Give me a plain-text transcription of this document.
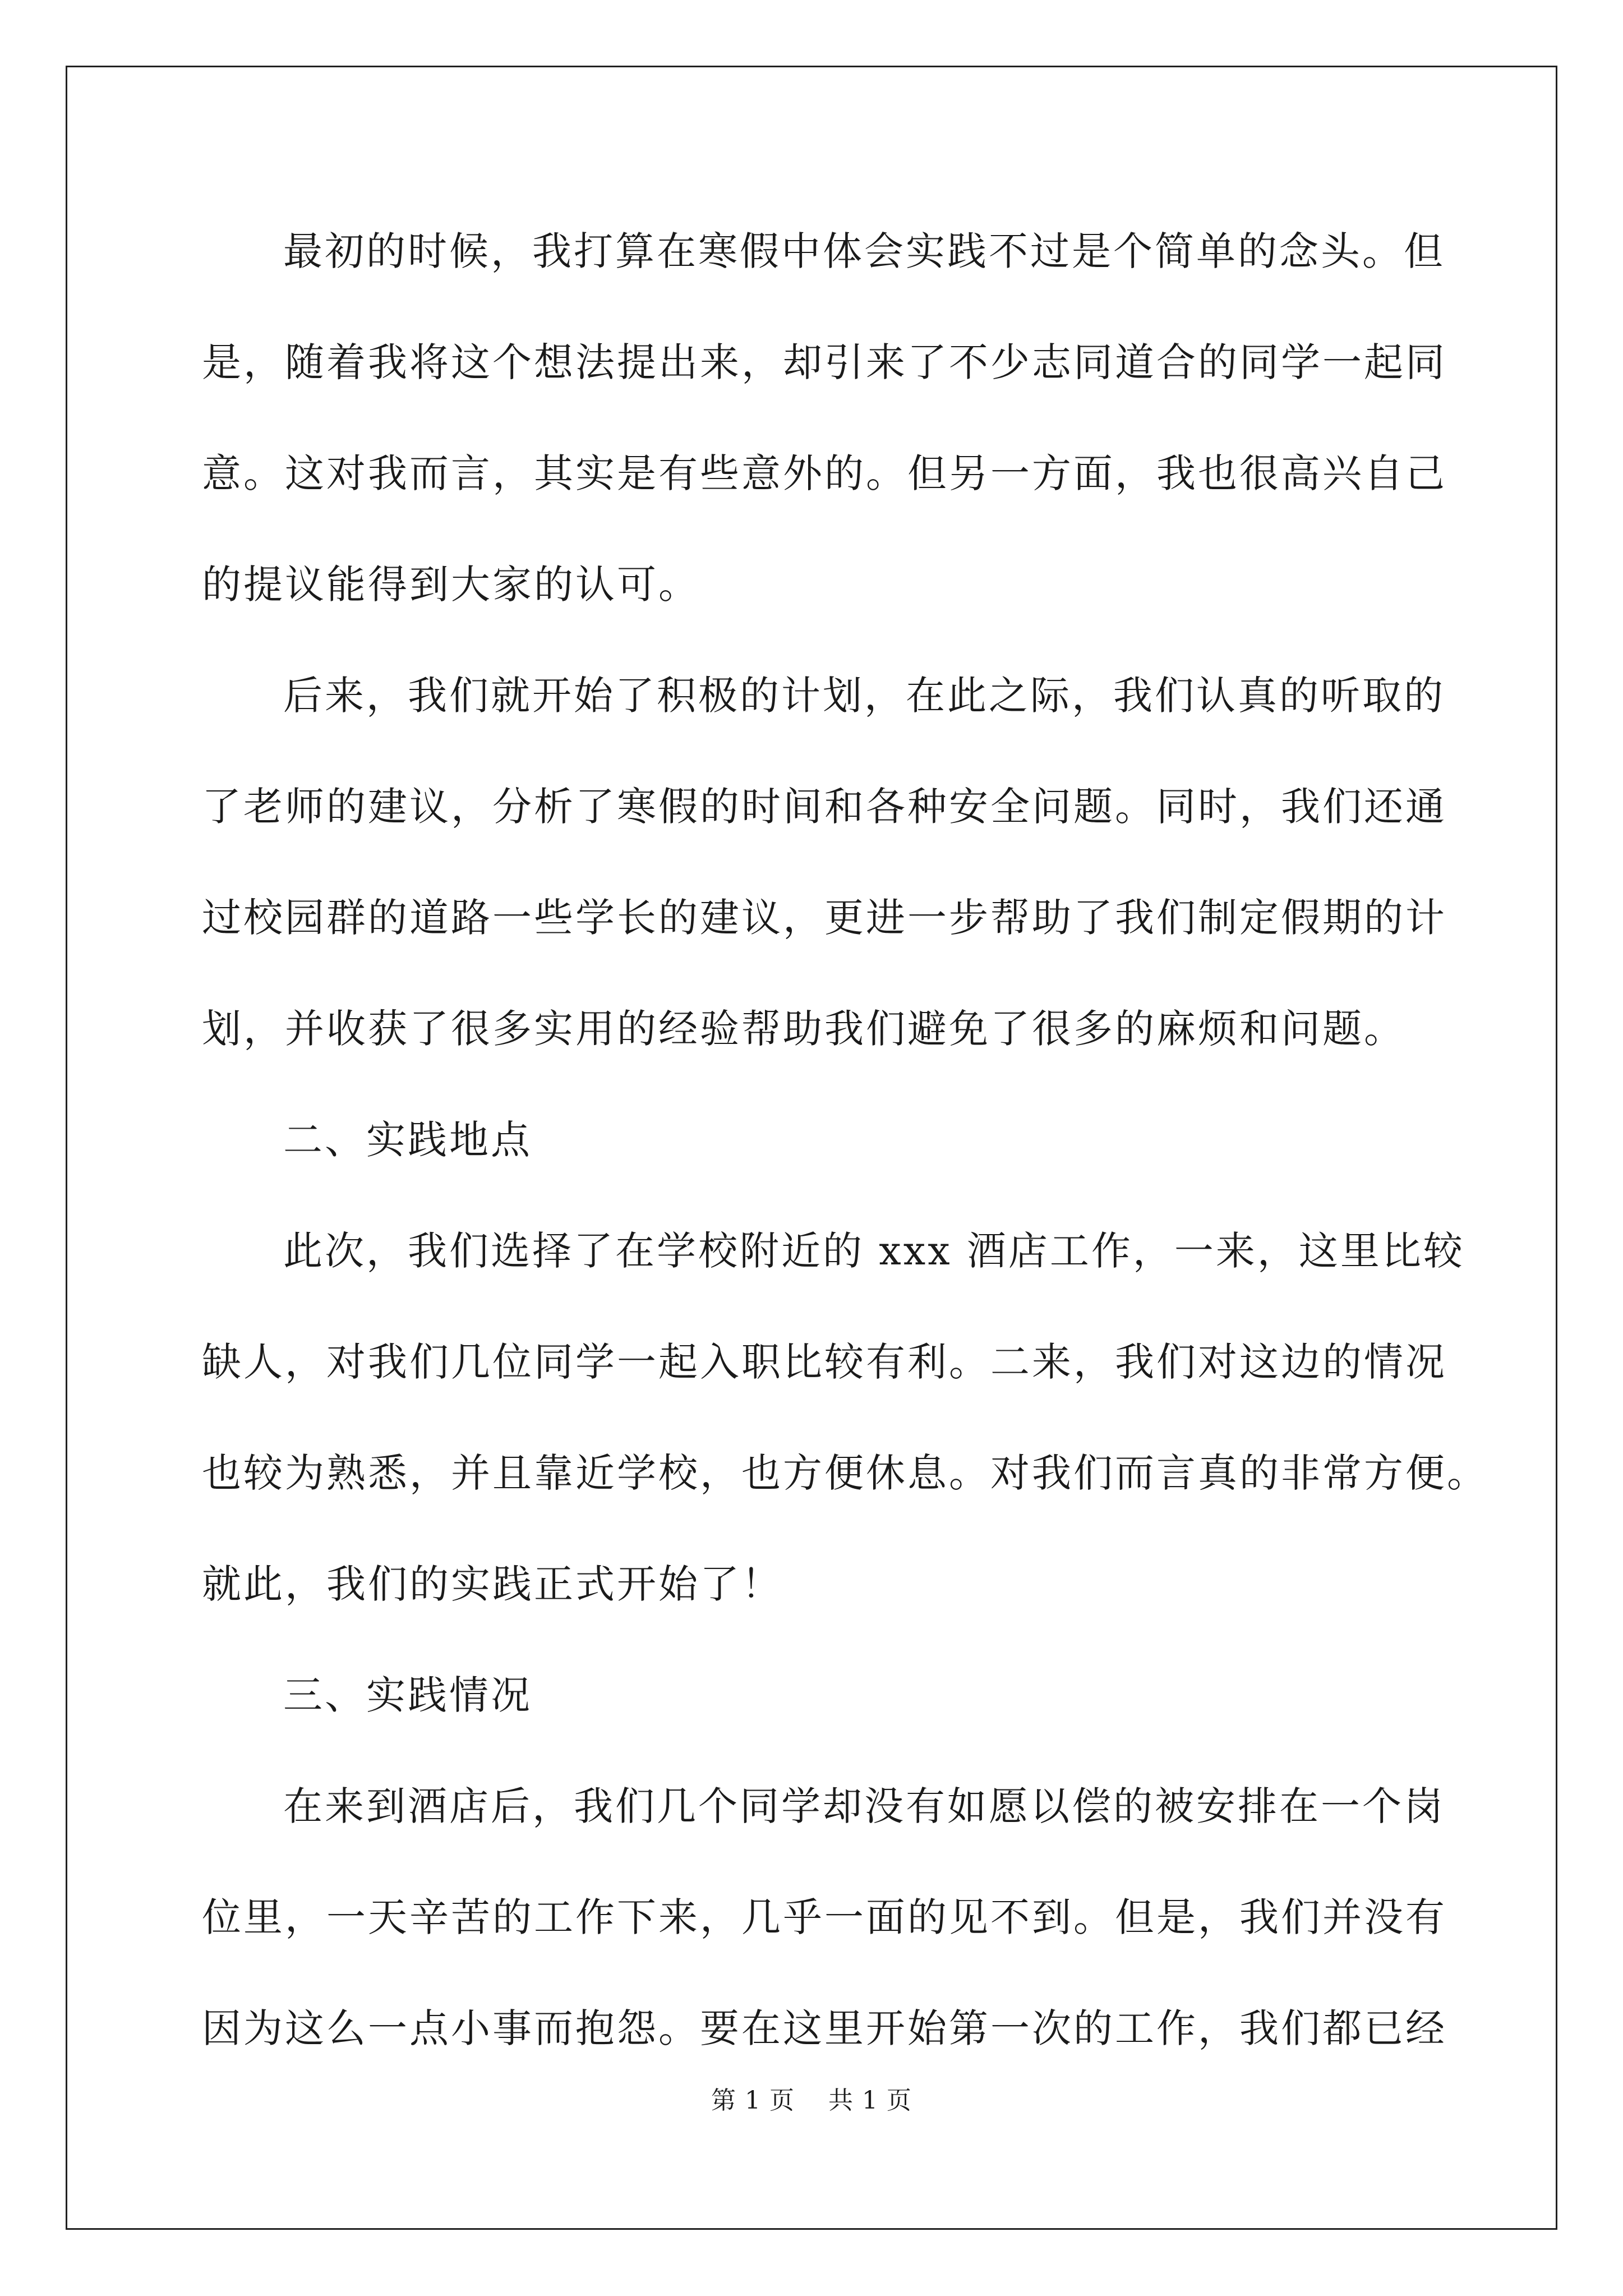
最初的时候，我打算在寒假中体会实践不过是个简单的念头。但
是，随着我将这个想法提出来，却引来了不少志同道合的同学一起同
意。这对我而言，其实是有些意外的。但另一方面，我也很高兴自己
的提议能得到大家的认可。
后来，我们就开始了积极的计划，在此之际，我们认真的听取的
了老师的建议，分析了寒假的时间和各种安全问题。同时，我们还通
过校园群的道路一些学长的建议，更进一步帮助了我们制定假期的计
划，并收获了很多实用的经验帮助我们避免了很多的麻烦和问题。
二、实践地点
此次，我们选择了在学校附近的 xxx 酒店工作，一来，这里比较
缺人，对我们几位同学一起入职比较有利。二来，我们对这边的情况
也较为熟悉，并且靠近学校，也方便休息。对我们而言真的非常方便。
就此，我们的实践正式开始了！
三、实践情况
在来到酒店后，我们几个同学却没有如愿以偿的被安排在一个岗
位里，一天辛苦的工作下来，几乎一面的见不到。但是，我们并没有
因为这么一点小事而抱怨。要在这里开始第一次的工作，我们都已经
第 1 页    共 1 页
